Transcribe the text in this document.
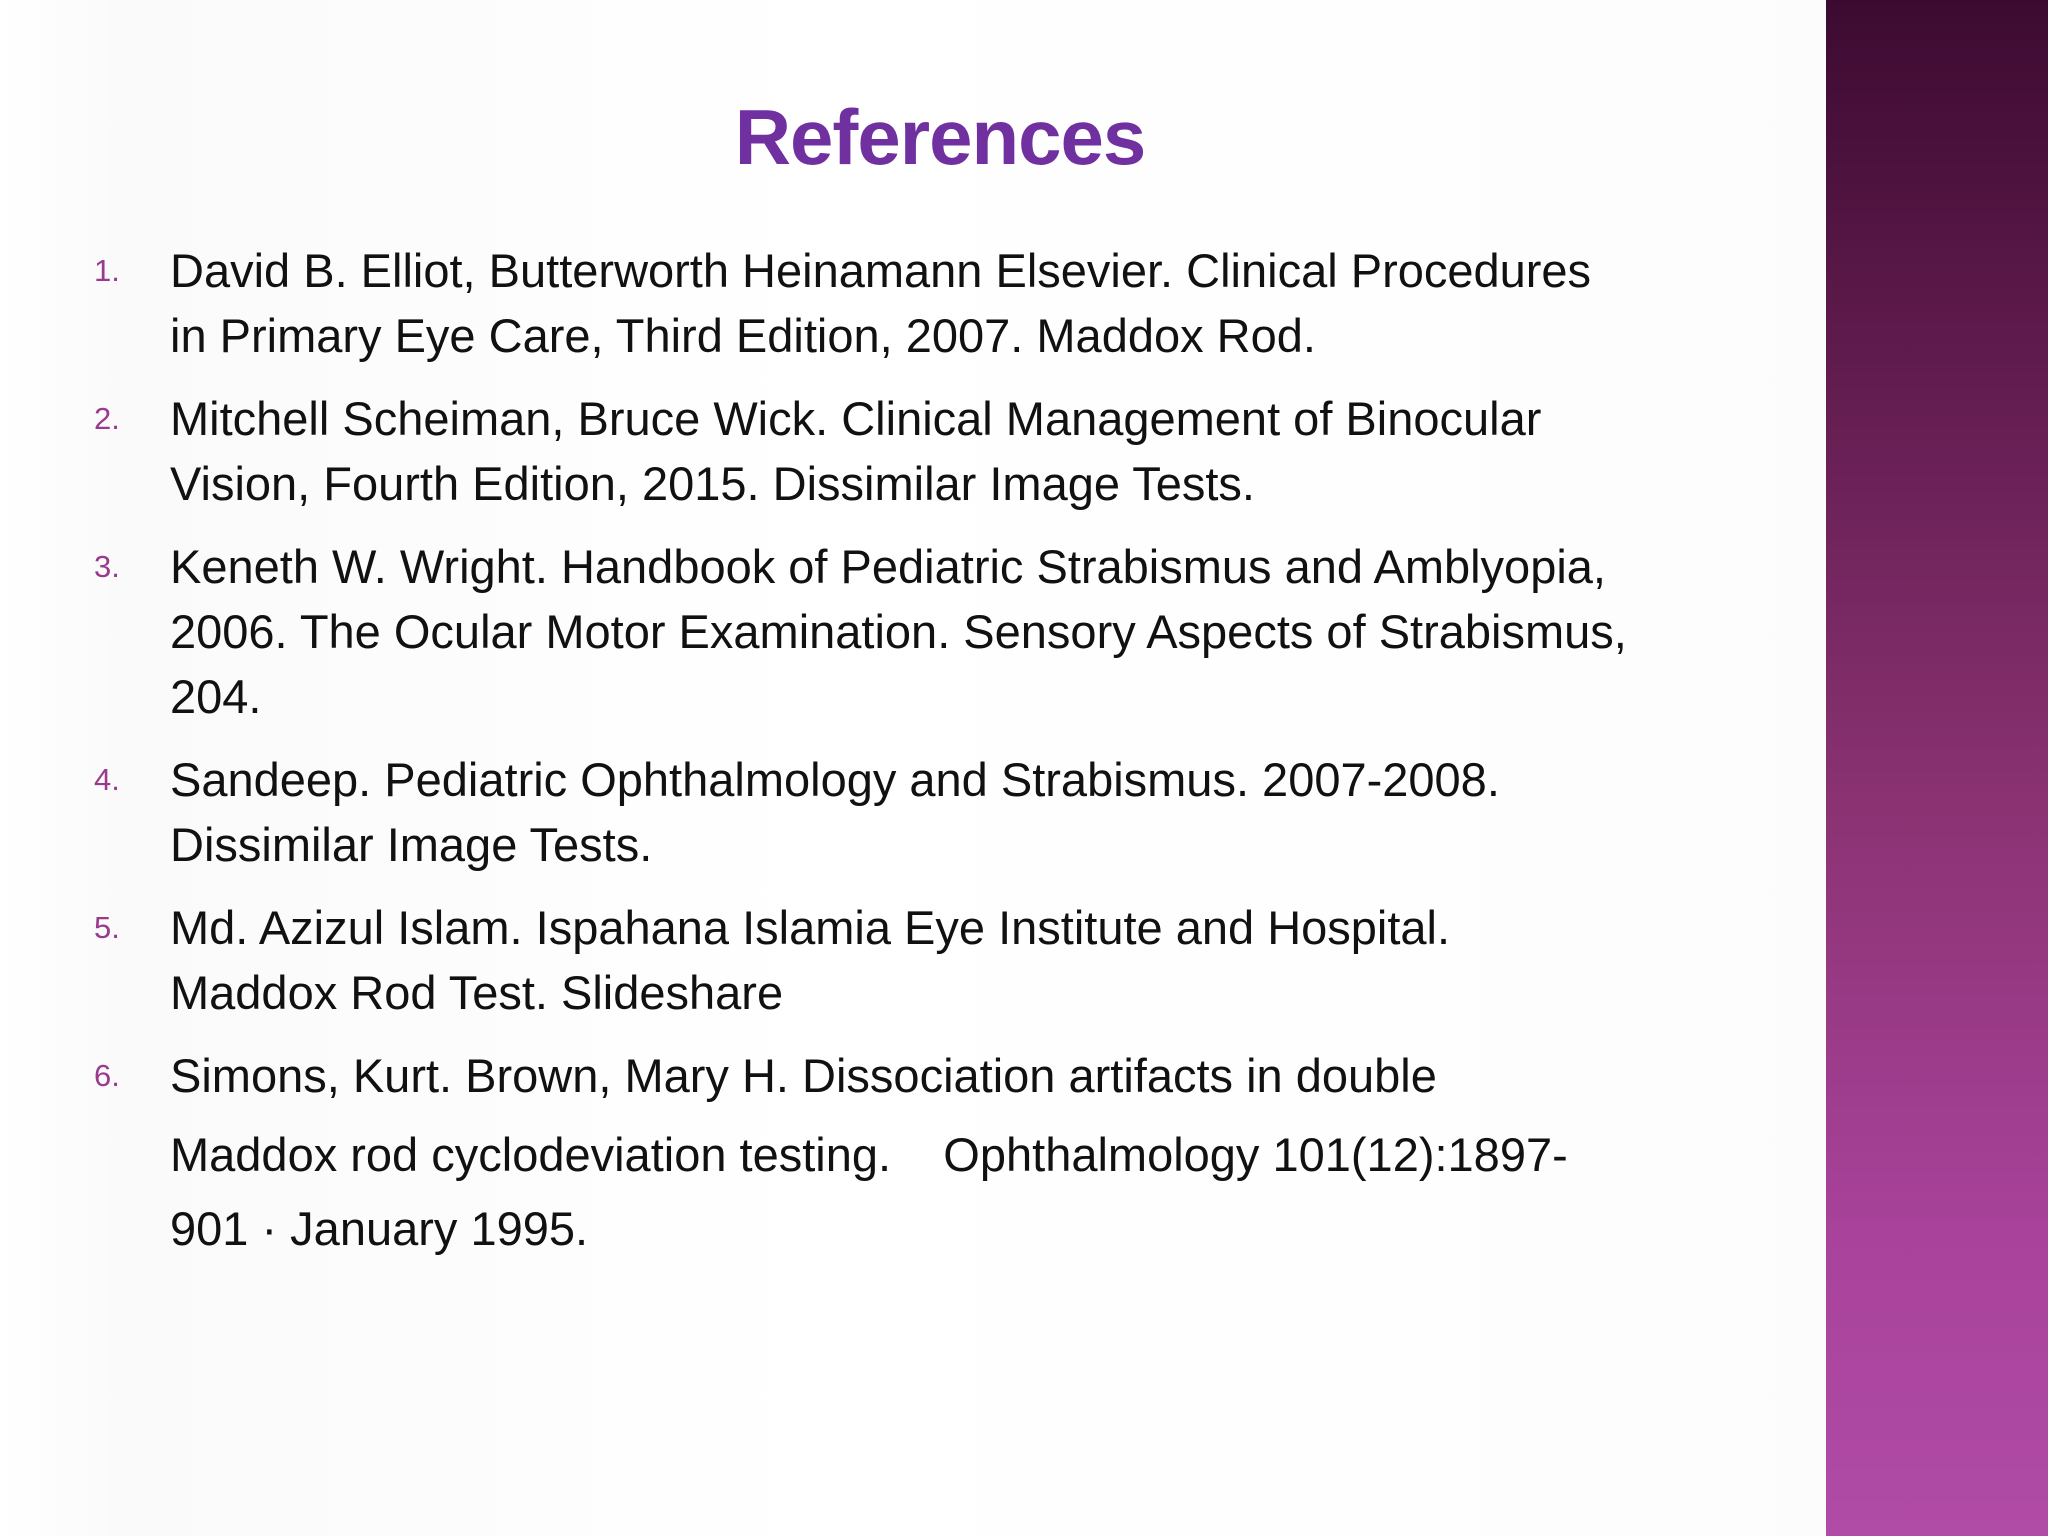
References
1. David B. Elliot, Butterworth Heinamann Elsevier. Clinical Procedures
in Primary Eye Care, Third Edition, 2007. Maddox Rod.
2. Mitchell Scheiman, Bruce Wick. Clinical Management of Binocular
Vision, Fourth Edition, 2015. Dissimilar Image Tests.
3. Keneth W. Wright. Handbook of Pediatric Strabismus and Amblyopia,
2006. The Ocular Motor Examination. Sensory Aspects of Strabismus,
204.
4. Sandeep. Pediatric Ophthalmology and Strabismus. 2007-2008.
Dissimilar Image Tests.
5. Md. Azizul Islam. Ispahana Islamia Eye Institute and Hospital.
Maddox Rod Test. Slideshare
6. Simons, Kurt. Brown, Mary H. Dissociation artifacts in double
Maddox rod cyclodeviation testing.    Ophthalmology 101(12):1897-
901 · January 1995.
